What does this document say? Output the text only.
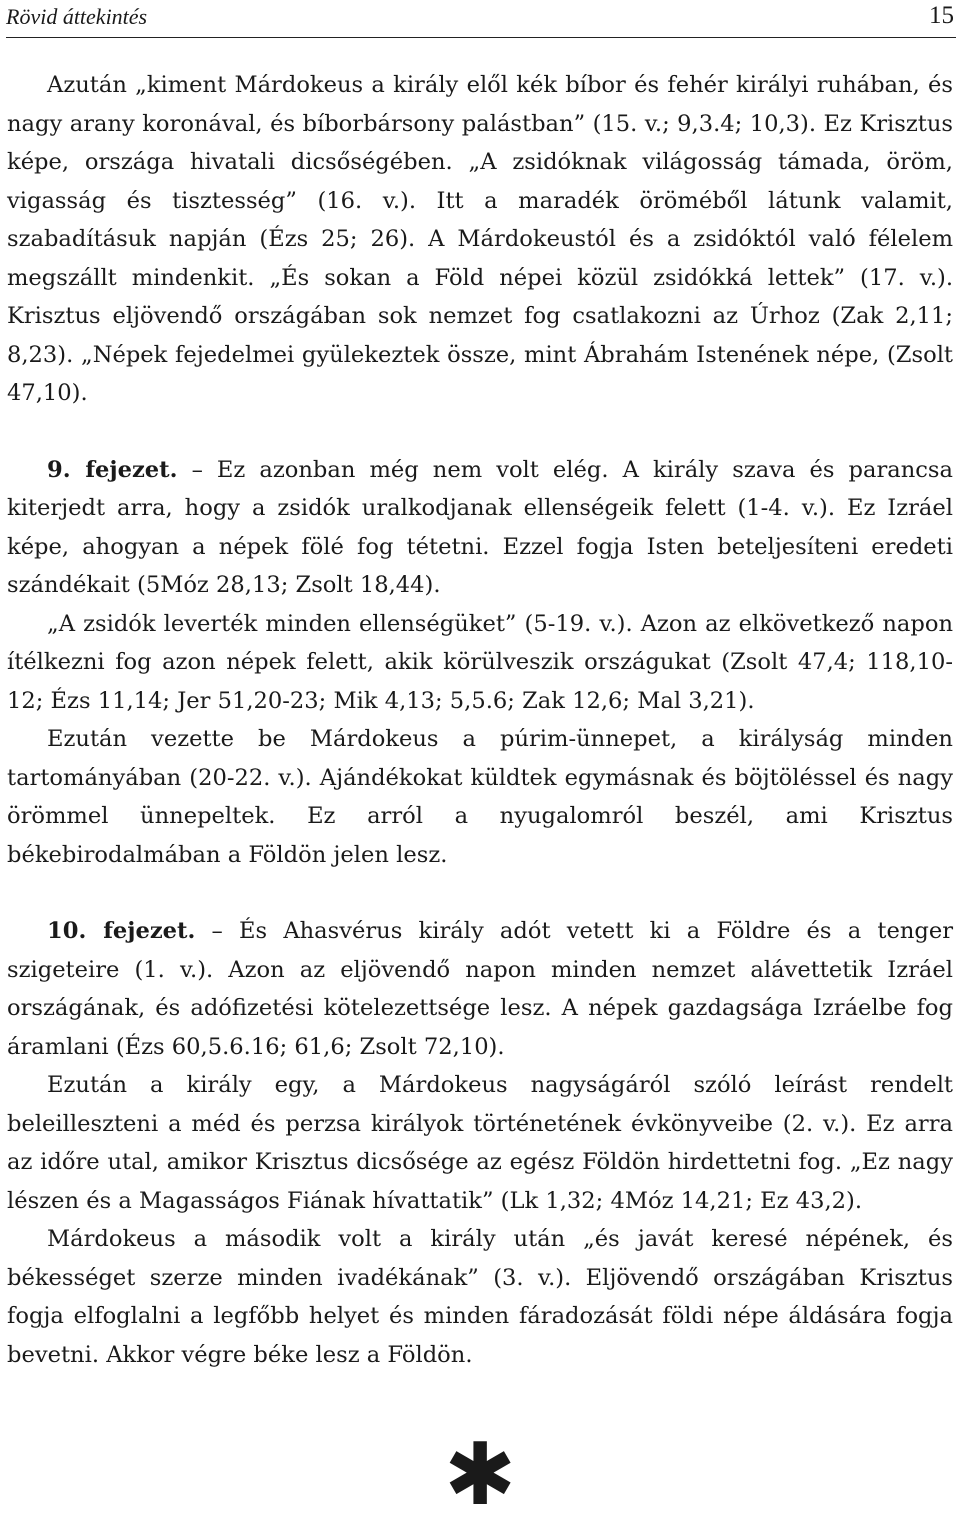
Rövid áttekintés	15

Azután „kiment Márdokeus a király elől kék bíbor és fehér királyi ruhában, és nagy arany koronával, és bíborbársony palástban” (15. v.; 9,3.4; 10,3). Ez Krisztus képe, országa hivatali dicsőségében. „A zsidóknak világosság támada, öröm, vigasság és tisztesség” (16. v.). Itt a maradék öröméből látunk valamit, szabadításuk napján (Ézs 25; 26). A Márdokeustól és a zsidóktól való félelem megszállt mindenkit. „És sokan a Föld népei közül zsidókká lettek” (17. v.). Krisztus eljövendő országában sok nemzet fog csatlakozni az Úrhoz (Zak 2,11; 8,23). „Népek fejedelmei gyülekeztek össze, mint Ábrahám Istenének népe, (Zsolt 47,10).

9. fejezet. – Ez azonban még nem volt elég. A király szava és parancsa kiterjedt arra, hogy a zsidók uralkodjanak ellenségeik felett (1-4. v.). Ez Izráel képe, ahogyan a népek fölé fog tétetni. Ezzel fogja Isten beteljesíteni eredeti szándékait (5Móz 28,13; Zsolt 18,44).

„A zsidók leverték minden ellenségüket” (5-19. v.). Azon az elkövetkező napon ítélkezni fog azon népek felett, akik körülveszik országukat (Zsolt 47,4; 118,10-12; Ézs 11,14; Jer 51,20-23; Mik 4,13; 5,5.6; Zak 12,6; Mal 3,21).

Ezután vezette be Márdokeus a púrim-ünnepet, a királyság minden tartományában (20-22. v.). Ajándékokat küldtek egymásnak és böjtöléssel és nagy örömmel ünnepeltek. Ez arról a nyugalomról beszél, ami Krisztus békebirodalmában a Földön jelen lesz.

10. fejezet. – És Ahasvérus király adót vetett ki a Földre és a tenger szigeteire (1. v.). Azon az eljövendő napon minden nemzet alávettetik Izráel országának, és adófizetési kötelezettsége lesz. A népek gazdagsága Izráelbe fog áramlani (Ézs 60,5.6.16; 61,6; Zsolt 72,10).

Ezután a király egy, a Márdokeus nagyságáról szóló leírást rendelt beleilleszteni a méd és perzsa királyok történetének évkönyveibe (2. v.). Ez arra az időre utal, amikor Krisztus dicsősége az egész Földön hirdettetni fog. „Ez nagy lészen és a Magasságos Fiának hívattatik” (Lk 1,32; 4Móz 14,21; Ez 43,2).

Márdokeus a második volt a király után „és javát keresé népének, és békességet szerze minden ivadékának” (3. v.). Eljövendő országában Krisztus fogja elfoglalni a legfőbb helyet és minden fáradozását földi népe áldására fogja bevetni. Akkor végre béke lesz a Földön.

✱
